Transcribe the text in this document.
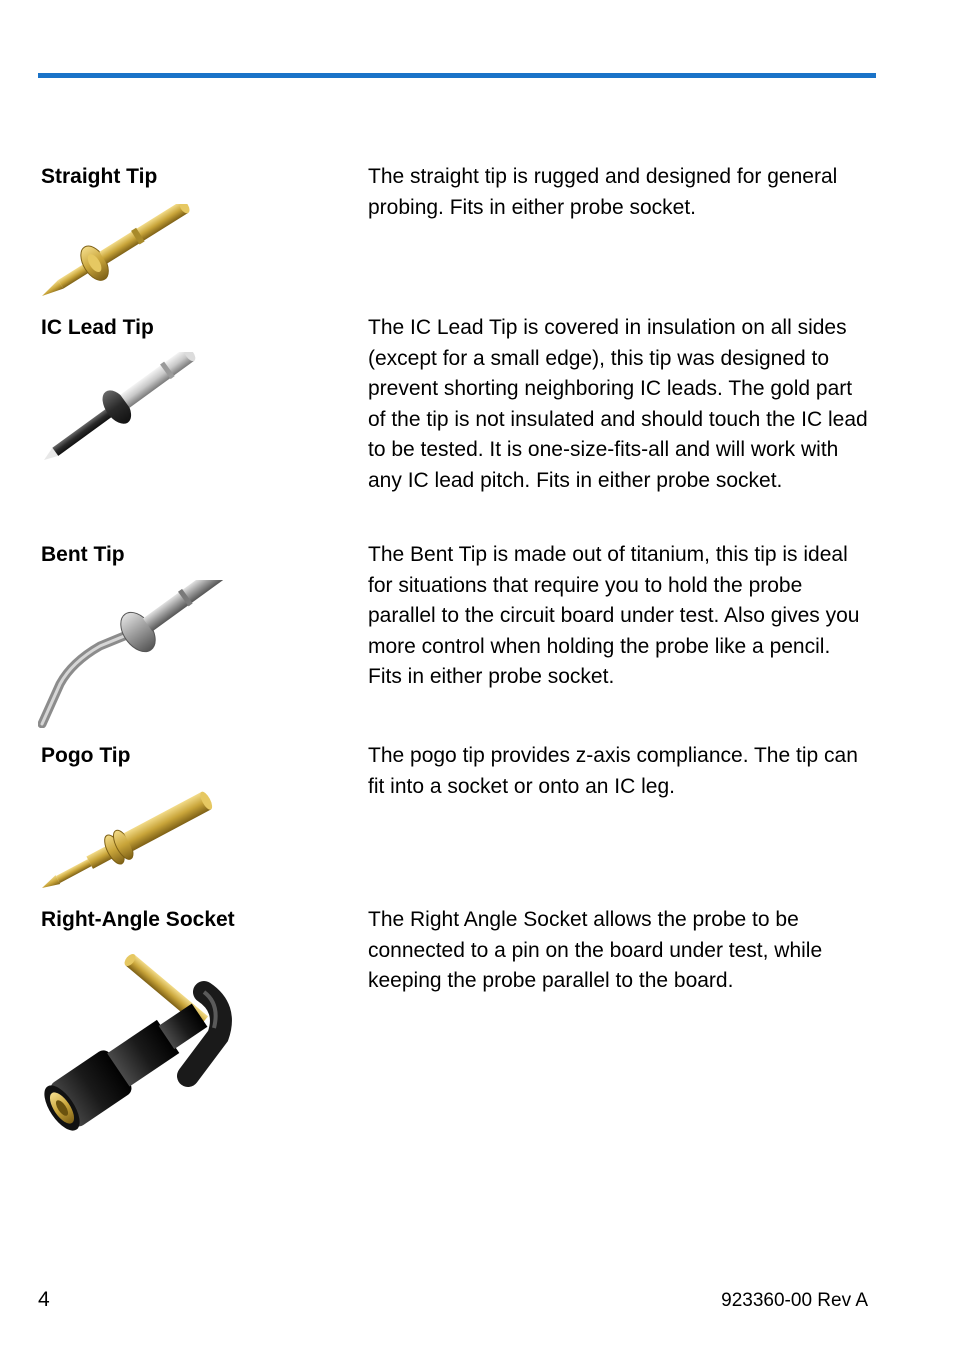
Straight Tip	The straight tip is rugged and designed for general probing. Fits in either probe socket.

IC Lead Tip	The IC Lead Tip is covered in insulation on all sides (except for a small edge), this tip was designed to prevent shorting neighboring IC leads. The gold part of the tip is not insulated and should touch the IC lead to be tested. It is one-size-fits-all and will work with any IC lead pitch. Fits in either probe socket.

Bent Tip	The Bent Tip is made out of titanium, this tip is ideal for situations that require you to hold the probe parallel to the circuit board under test. Also gives you more control when holding the probe like a pencil. Fits in either probe socket.

Pogo Tip	The pogo tip provides z-axis compliance. The tip can fit into a socket or onto an IC leg.

Right-Angle Socket	The Right Angle Socket allows the probe to be connected to a pin on the board under test, while keeping the probe parallel to the board.

4	923360-00 Rev A
